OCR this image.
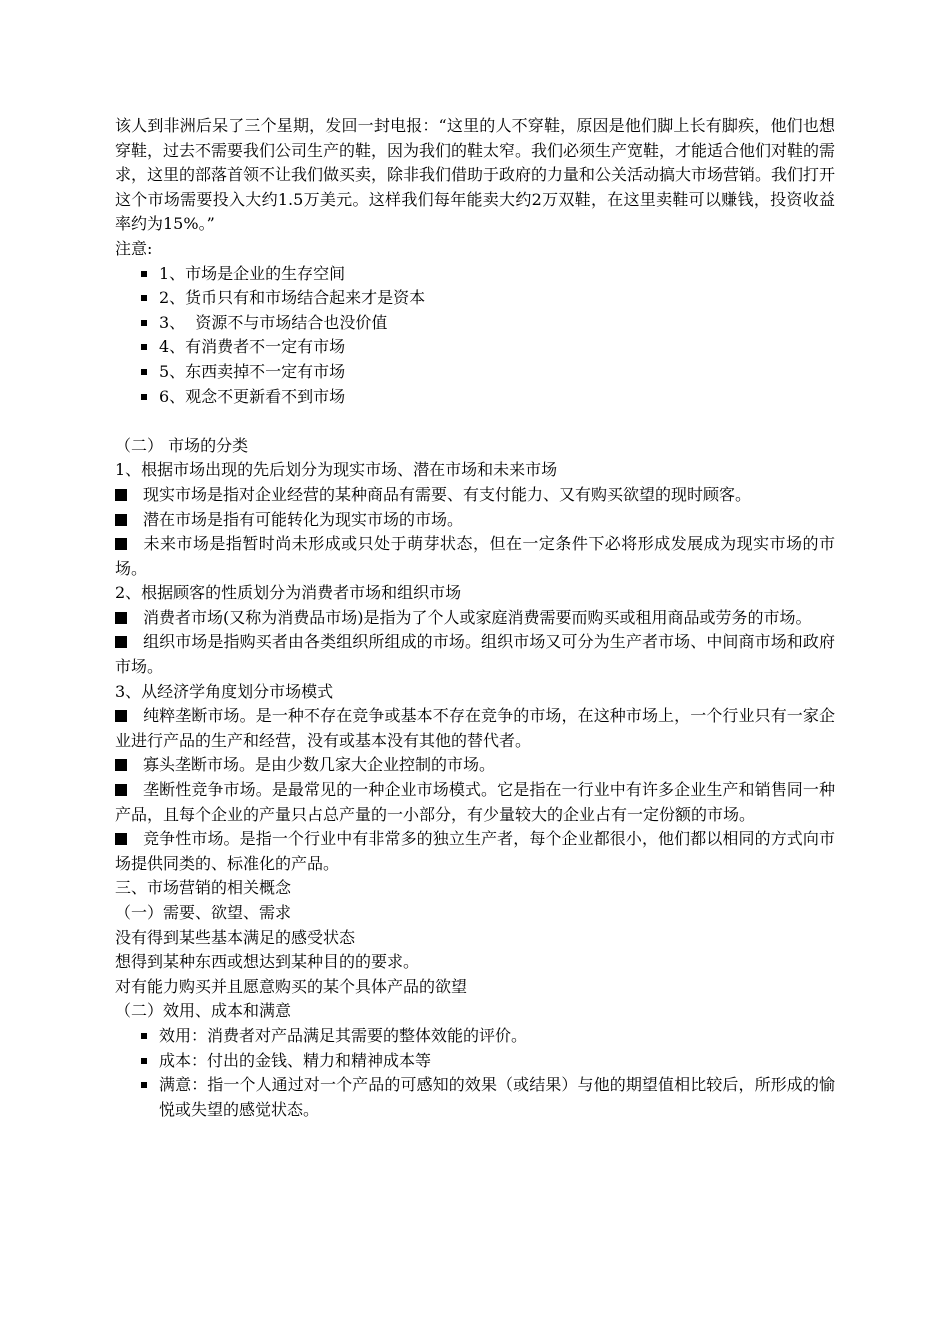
该人到非洲后呆了三个星期，发回一封电报：“这里的人不穿鞋，原因是他们脚上长有脚疾，他们也想穿鞋，过去不需要我们公司生产的鞋，因为我们的鞋太窄。我们必须生产宽鞋，才能适合他们对鞋的需求，这里的部落首领不让我们做买卖，除非我们借助于政府的力量和公关活动搞大市场营销。我们打开这个市场需要投入大约1.5万美元。这样我们每年能卖大约2万双鞋，在这里卖鞋可以赚钱，投资收益率约为15%。”

注意:

1、市场是企业的生存空间
2、货币只有和市场结合起来才是资本
3、  资源不与市场结合也没价值
4、有消费者不一定有市场
5、东西卖掉不一定有市场
6、观念不更新看不到市场

（二） 市场的分类

1、根据市场出现的先后划分为现实市场、潜在市场和未来市场

现实市场是指对企业经营的某种商品有需要、有支付能力、又有购买欲望的现时顾客。

潜在市场是指有可能转化为现实市场的市场。

未来市场是指暂时尚未形成或只处于萌芽状态，但在一定条件下必将形成发展成为现实市场的市场。

2、根据顾客的性质划分为消费者市场和组织市场

消费者市场(又称为消费品市场)是指为了个人或家庭消费需要而购买或租用商品或劳务的市场。

组织市场是指购买者由各类组织所组成的市场。组织市场又可分为生产者市场、中间商市场和政府市场。

3、从经济学角度划分市场模式

纯粹垄断市场。是一种不存在竞争或基本不存在竞争的市场，在这种市场上，一个行业只有一家企业进行产品的生产和经营，没有或基本没有其他的替代者。

寡头垄断市场。是由少数几家大企业控制的市场。

垄断性竞争市场。是最常见的一种企业市场模式。它是指在一行业中有许多企业生产和销售同一种产品，且每个企业的产量只占总产量的一小部分，有少量较大的企业占有一定份额的市场。

竞争性市场。是指一个行业中有非常多的独立生产者，每个企业都很小，他们都以相同的方式向市场提供同类的、标准化的产品。

三、市场营销的相关概念

（一）需要、欲望、需求

没有得到某些基本满足的感受状态

想得到某种东西或想达到某种目的的要求。

对有能力购买并且愿意购买的某个具体产品的欲望

（二）效用、成本和满意

效用：消费者对产品满足其需要的整体效能的评价。
成本：付出的金钱、精力和精神成本等
满意：指一个人通过对一个产品的可感知的效果（或结果）与他的期望值相比较后，所形成的愉悦或失望的感觉状态。
